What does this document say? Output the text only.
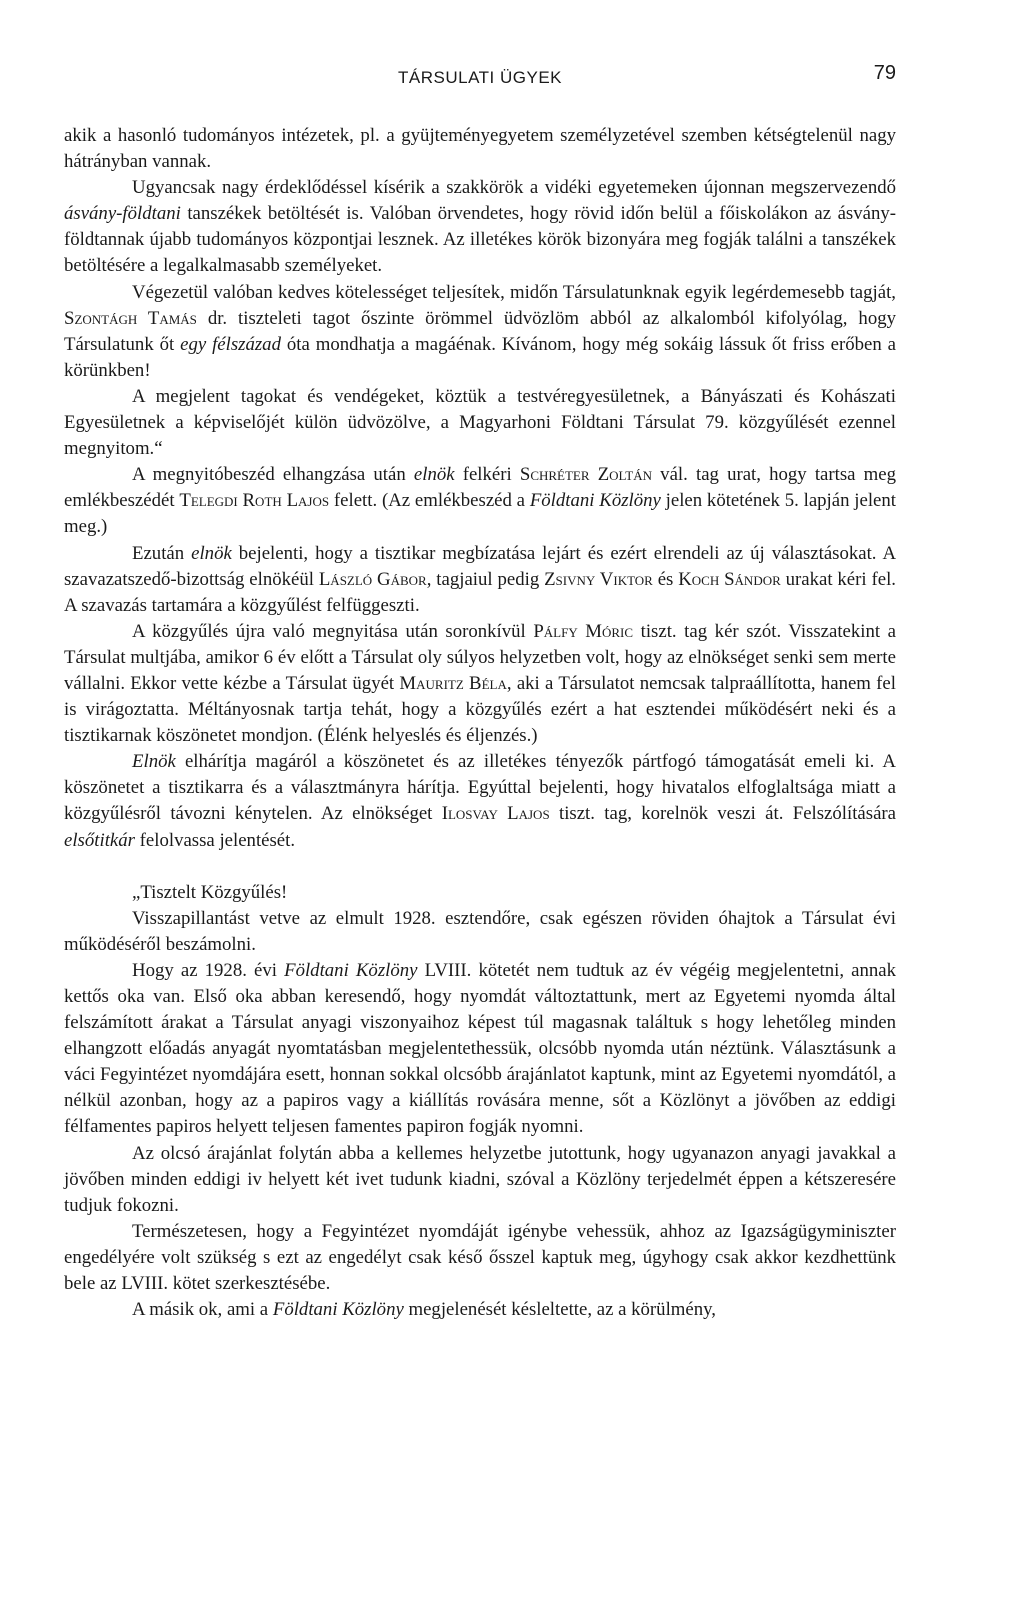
TÁRSULATI ÜGYEK	79

akik a hasonló tudományos intézetek, pl. a gyüjteményegyetem személyzetével szemben kétségtelenül nagy hátrányban vannak.

Ugyancsak nagy érdeklődéssel kísérik a szakkörök a vidéki egyetemeken újonnan megszervezendő ásvány-földtani tanszékek betöltését is. Valóban örvendetes, hogy rövid időn belül a főiskolákon az ásvány-földtannak újabb tudományos központjai lesznek. Az illetékes körök bizonyára meg fogják találni a tanszékek betöltésére a legalkalmasabb személyeket.

Végezetül valóban kedves kötelességet teljesítek, midőn Társulatunknak egyik legérdemesebb tagját, Szontágh Tamás dr. tiszteleti tagot őszinte örömmel üdvözlöm abból az alkalomból kifolyólag, hogy Társulatunk őt egy félszázad óta mondhatja a magáénak. Kívánom, hogy még sokáig lássuk őt friss erőben a körünkben!

A megjelent tagokat és vendégeket, köztük a testvéregyesületnek, a Bányászati és Kohászati Egyesületnek a képviselőjét külön üdvözölve, a Magyarhoni Földtani Társulat 79. közgyűlését ezennel megnyitom.“

A megnyitóbeszéd elhangzása után elnök felkéri Schréter Zoltán vál. tag urat, hogy tartsa meg emlékbeszédét Telegdi Roth Lajos felett. (Az emlékbeszéd a Földtani Közlöny jelen kötetének 5. lapján jelent meg.)

Ezután elnök bejelenti, hogy a tisztikar megbízatása lejárt és ezért elrendeli az új választásokat. A szavazatszedő-bizottság elnökéül László Gábor, tagjaiul pedig Zsivny Viktor és Koch Sándor urakat kéri fel. A szavazás tartamára a közgyűlést felfüggeszti.

A közgyűlés újra való megnyitása után soronkívül Pálfy Móric tiszt. tag kér szót. Visszatekint a Társulat multjába, amikor 6 év előtt a Társulat oly súlyos helyzetben volt, hogy az elnökséget senki sem merte vállalni. Ekkor vette kézbe a Társulat ügyét Mauritz Béla, aki a Társulatot nemcsak talpraállította, hanem fel is virágoztatta. Méltányosnak tartja tehát, hogy a közgyűlés ezért a hat esztendei működésért neki és a tisztikarnak köszönetet mondjon. (Élénk helyeslés és éljenzés.)

Elnök elhárítja magáról a köszönetet és az illetékes tényezők pártfogó támogatását emeli ki. A köszönetet a tisztikarra és a választmányra hárítja. Egyúttal bejelenti, hogy hivatalos elfoglaltsága miatt a közgyűlésről távozni kénytelen. Az elnökséget Ilosvay Lajos tiszt. tag, korelnök veszi át. Felszólítására elsőtitkár felolvassa jelentését.

„Tisztelt Közgyűlés!

Visszapillantást vetve az elmult 1928. esztendőre, csak egészen röviden óhajtok a Társulat évi működéséről beszámolni.

Hogy az 1928. évi Földtani Közlöny LVIII. kötetét nem tudtuk az év végéig megjelentetni, annak kettős oka van. Első oka abban keresendő, hogy nyomdát változtattunk, mert az Egyetemi nyomda által felszámított árakat a Társulat anyagi viszonyaihoz képest túl magasnak találtuk s hogy lehetőleg minden elhangzott előadás anyagát nyomtatásban megjelentethessük, olcsóbb nyomda után néztünk. Választásunk a váci Fegyintézet nyomdájára esett, honnan sokkal olcsóbb árajánlatot kaptunk, mint az Egyetemi nyomdától, a nélkül azonban, hogy az a papiros vagy a kiállítás rovására menne, sőt a Közlönyt a jövőben az eddigi félfamentes papiros helyett teljesen famentes papiron fogják nyomni.

Az olcsó árajánlat folytán abba a kellemes helyzetbe jutottunk, hogy ugyanazon anyagi javakkal a jövőben minden eddigi iv helyett két ivet tudunk kiadni, szóval a Közlöny terjedelmét éppen a kétszeresére tudjuk fokozni.

Természetesen, hogy a Fegyintézet nyomdáját igénybe vehessük, ahhoz az Igazságügyminiszter engedélyére volt szükség s ezt az engedélyt csak késő ősszel kaptuk meg, úgyhogy csak akkor kezdhettünk bele az LVIII. kötet szerkesztésébe.

A másik ok, ami a Földtani Közlöny megjelenését késleltette, az a körülmény,
